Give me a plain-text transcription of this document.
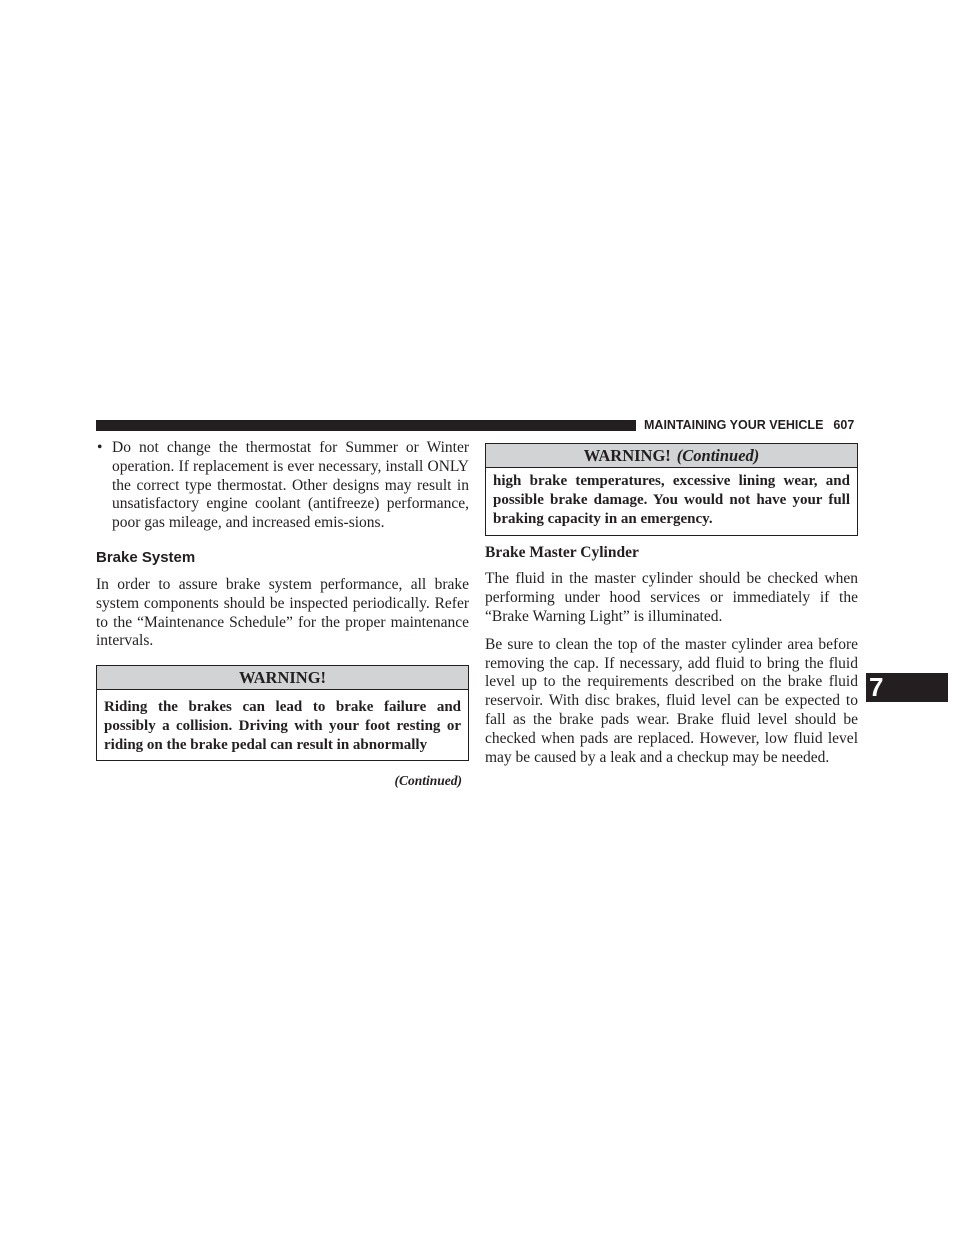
MAINTAINING YOUR VEHICLE 607
• Do not change the thermostat for Summer or Winter operation. If replacement is ever necessary, install ONLY the correct type thermostat. Other designs may result in unsatisfactory engine coolant (antifreeze) performance, poor gas mileage, and increased emis-sions.
Brake System

In order to assure brake system performance, all brake system components should be inspected periodically. Refer to the “Maintenance Schedule” for the proper maintenance intervals.

WARNING!
Riding the brakes can lead to brake failure and possibly a collision. Driving with your foot resting or riding on the brake pedal can result in abnormally
(Continued)
WARNING! (Continued)
high brake temperatures, excessive lining wear, and possible brake damage. You would not have your full braking capacity in an emergency.
Brake Master Cylinder

The fluid in the master cylinder should be checked when performing under hood services or immediately if the “Brake Warning Light” is illuminated.

Be sure to clean the top of the master cylinder area before removing the cap. If necessary, add fluid to bring the fluid level up to the requirements described on the brake fluid reservoir. With disc brakes, fluid level can be expected to fall as the brake pads wear. Brake fluid level should be checked when pads are replaced. However, low fluid level may be caused by a leak and a checkup may be needed.

7
